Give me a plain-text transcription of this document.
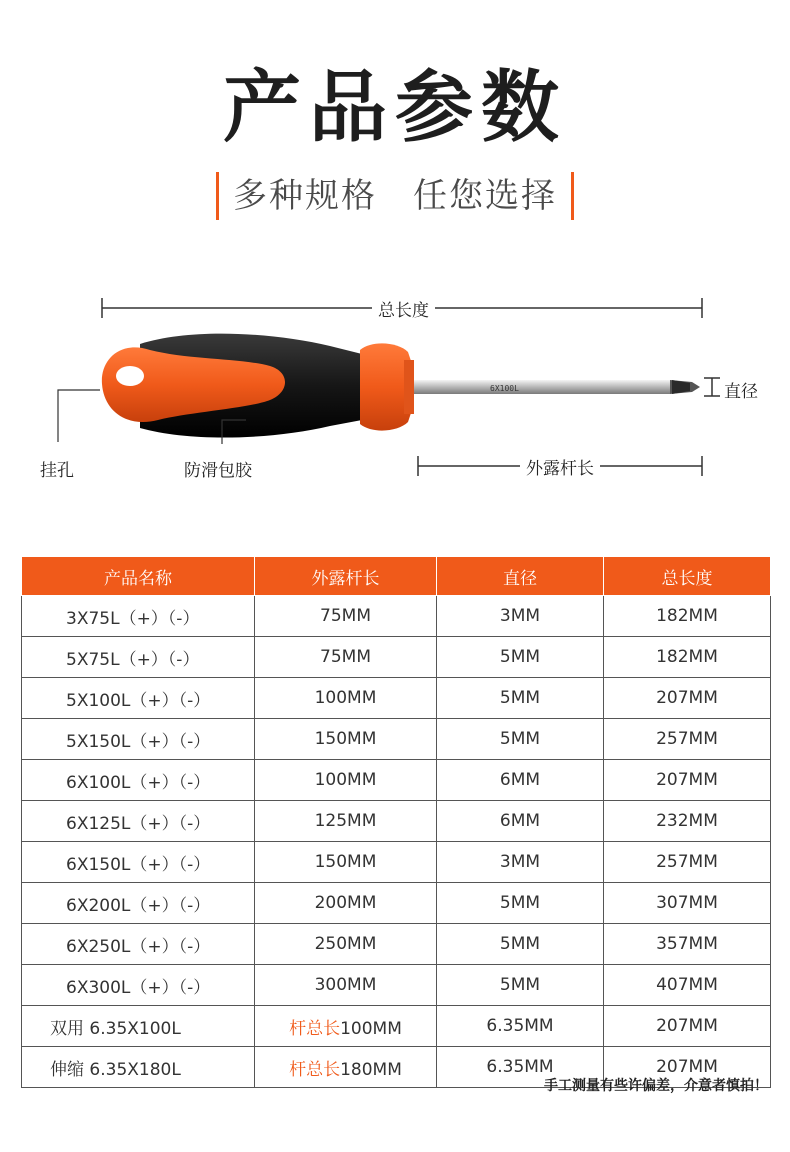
产品参数
多种规格 任您选择
6X100L
总长度
直径
挂孔	防滑包胶	外露杆长
产品名称	外露杆长	直径	总长度
3X75L（+）（-）	75MM	3MM	182MM
5X75L（+）（-）	75MM	5MM	182MM
5X100L（+）（-）	100MM	5MM	207MM
5X150L（+）（-）	150MM	5MM	257MM
6X100L（+）（-）	100MM	6MM	207MM
6X125L（+）（-）	125MM	6MM	232MM
6X150L（+）（-）	150MM	3MM	257MM
6X200L（+）（-）	200MM	5MM	307MM
6X250L（+）（-）	250MM	5MM	357MM
6X300L（+）（-）	300MM	5MM	407MM
双用 6.35X100L	杆总长100MM	6.35MM	207MM
伸缩 6.35X180L	杆总长180MM	6.35MM	207MM
手工测量有些许偏差，介意者慎拍！
